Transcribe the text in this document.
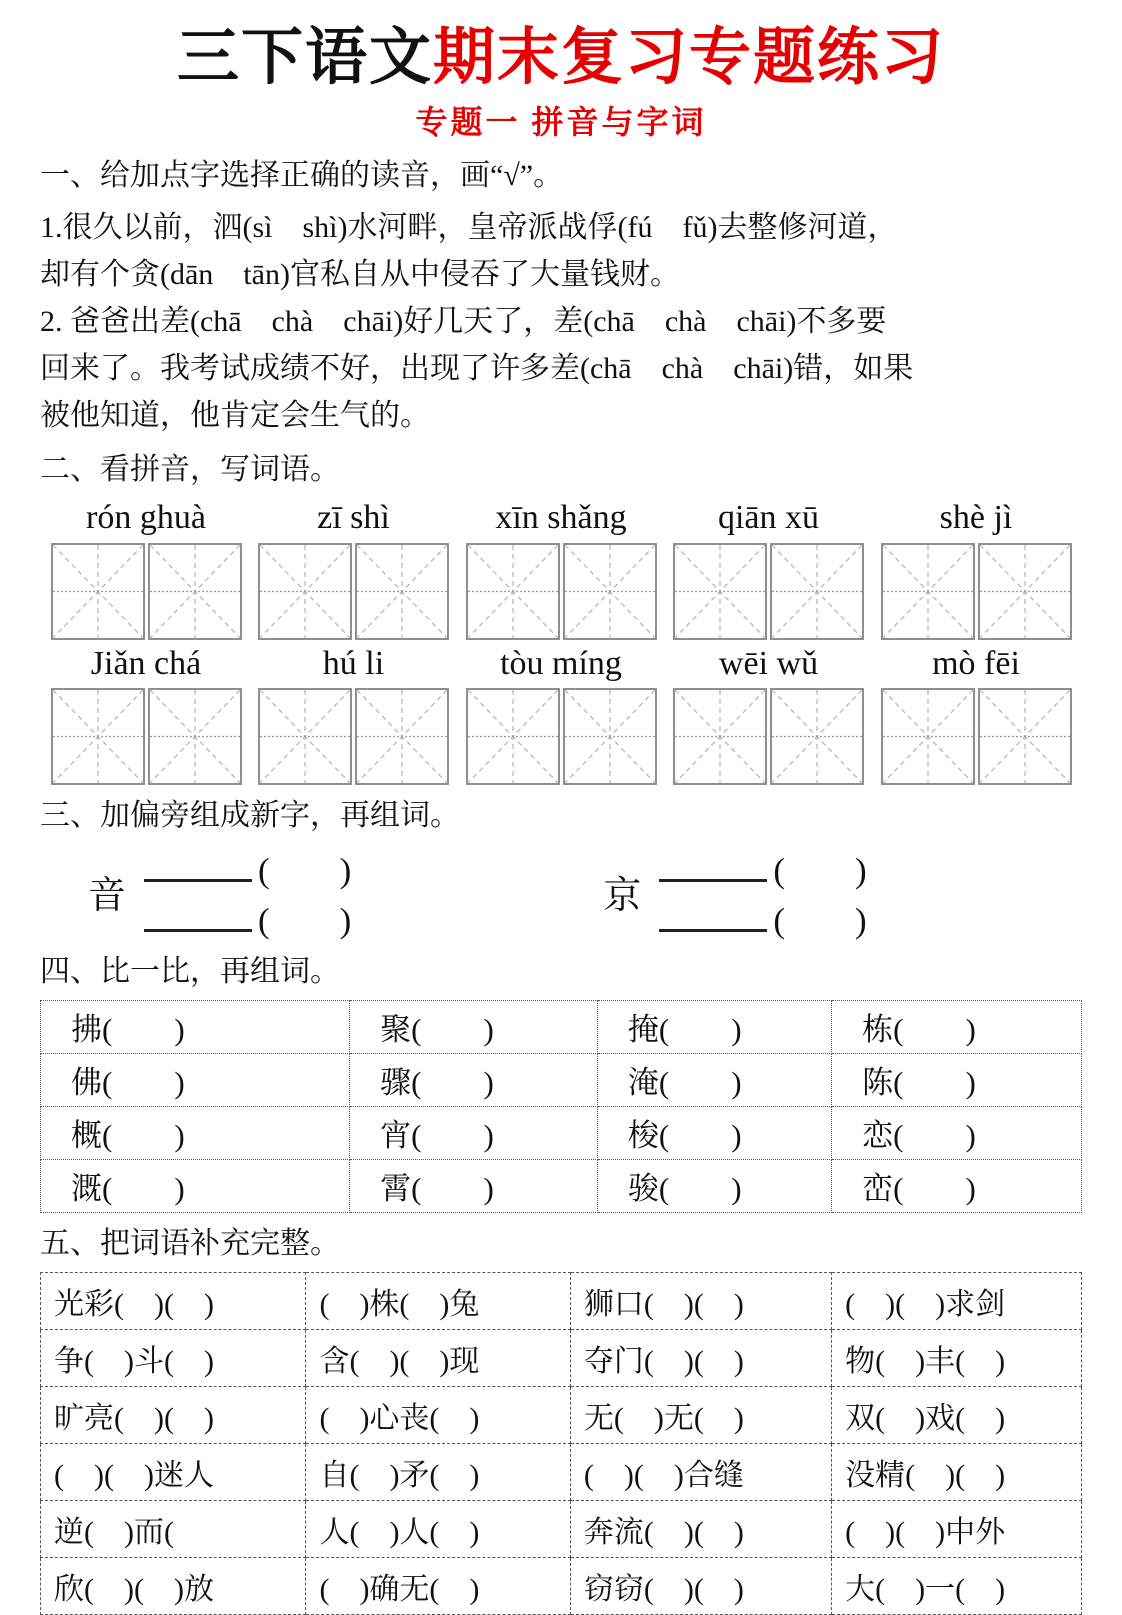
三下语文期末复习专题练习
专题一 拼音与字词

一、给加点字选择正确的读音，画“√”。

1.很久以前，泗(sì　shì)水河畔，皇帝派战俘(fú　fǔ)去整修河道，

却有个贪(dān　tān)官私自从中侵吞了大量钱财。

2. 爸爸出差(chā　chà　chāi)好几天了，差(chā　chà　chāi)不多要

回来了。我考试成绩不好，出现了许多差(chā　chà　chāi)错，如果

被他知道，他肯定会生气的。

二、看拼音，写词语。

rón ghuà	zī shì	xīn shǎng	qiān xū	shè jì
Jiǎn chá	hú li	tòu míng	wēi wǔ	mò fēi

三、加偏旁组成新字，再组词。

音
(　　)
(　　)
京
(　　)
(　　)

四、比一比，再组词。

拂(　　)	聚(　　)	掩(　　)	栋(　　)
佛(　　)	骤(　　)	淹(　　)	陈(　　)
概(　　)	宵(　　)	梭(　　)	恋(　　)
溉(　　)	霄(　　)	骏(　　)	峦(　　)

五、把词语补充完整。

光彩(　)(　)	(　)株(　)兔	狮口(　)(　)	(　)(　)求剑
争(　)斗(　)	含(　)(　)现	夺门(　)(　)	物(　)丰(　)
旷亮(　)(　)	(　)心丧(　)	无(　)无(　)	双(　)戏(　)
(　)(　)迷人	自(　)矛(　)	(　)(　)合缝	没精(　)(　)
逆(　)而(	人(　)人(　)	奔流(　)(　)	(　)(　)中外
欣(　)(　)放	(　)确无(　)	窃窃(　)(　)	大(　)一(　)
